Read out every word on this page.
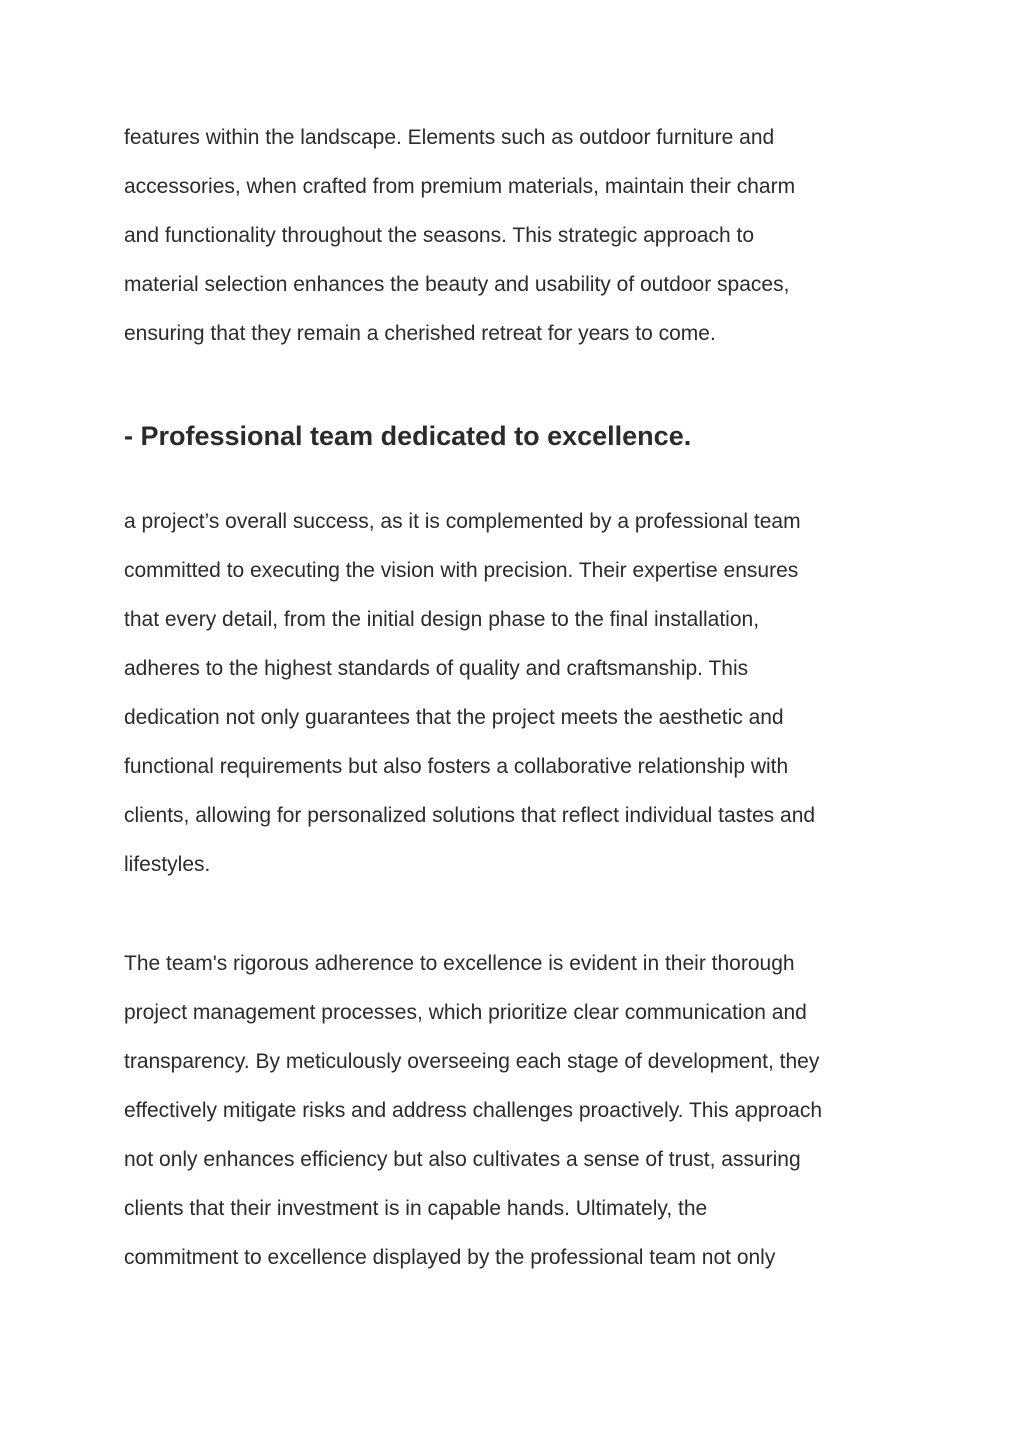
features within the landscape. Elements such as outdoor furniture and
accessories, when crafted from premium materials, maintain their charm
and functionality throughout the seasons. This strategic approach to
material selection enhances the beauty and usability of outdoor spaces,
ensuring that they remain a cherished retreat for years to come.
- Professional team dedicated to excellence.
a project’s overall success, as it is complemented by a professional team
committed to executing the vision with precision. Their expertise ensures
that every detail, from the initial design phase to the final installation,
adheres to the highest standards of quality and craftsmanship. This
dedication not only guarantees that the project meets the aesthetic and
functional requirements but also fosters a collaborative relationship with
clients, allowing for personalized solutions that reflect individual tastes and
lifestyles.
The team's rigorous adherence to excellence is evident in their thorough
project management processes, which prioritize clear communication and
transparency. By meticulously overseeing each stage of development, they
effectively mitigate risks and address challenges proactively. This approach
not only enhances efficiency but also cultivates a sense of trust, assuring
clients that their investment is in capable hands. Ultimately, the
commitment to excellence displayed by the professional team not only
